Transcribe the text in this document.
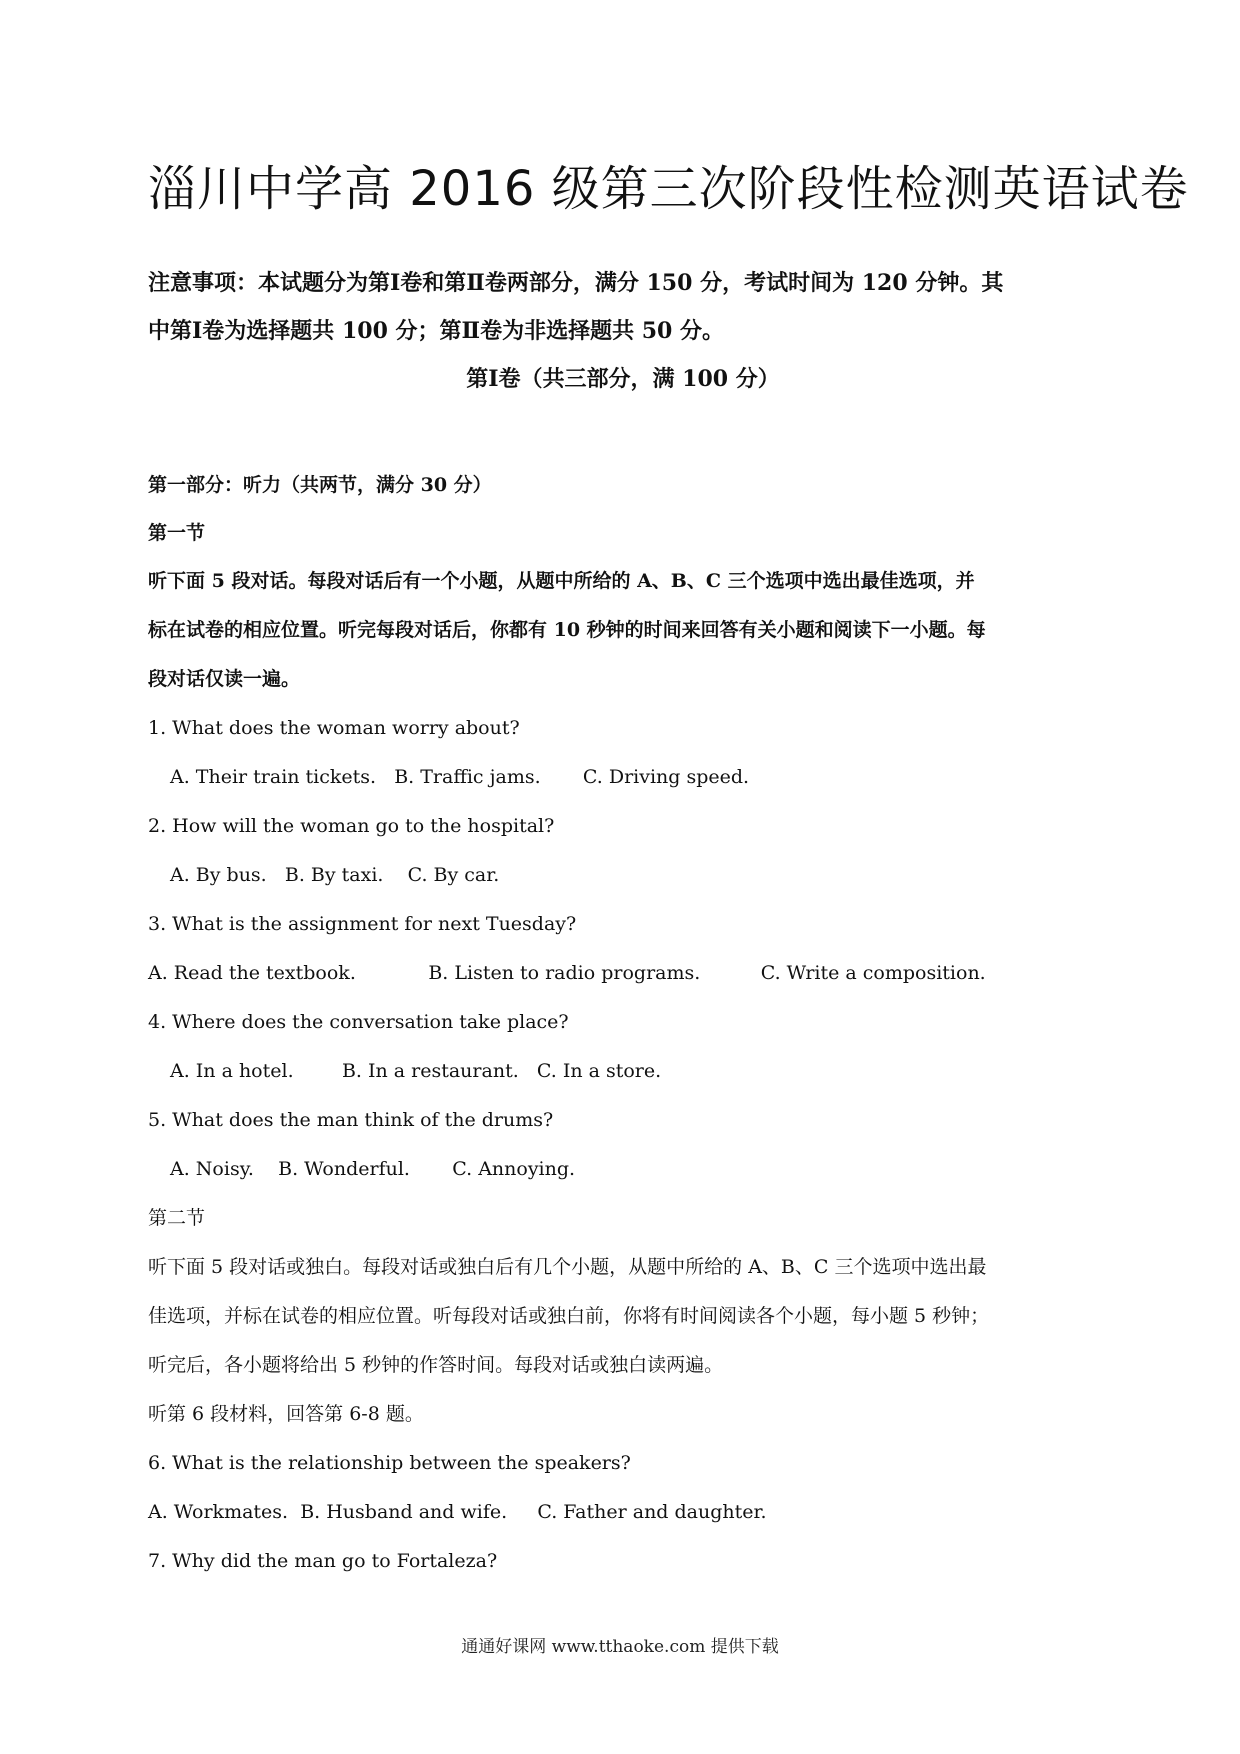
淄川中学高 2016 级第三次阶段性检测英语试卷

注意事项：本试题分为第Ⅰ卷和第Ⅱ卷两部分，满分 150 分，考试时间为 120 分钟。其

中第Ⅰ卷为选择题共 100 分；第Ⅱ卷为非选择题共 50 分。

第Ⅰ卷（共三部分，满 100 分）

第一部分：听力（共两节，满分 30 分）

第一节

听下面 5 段对话。每段对话后有一个小题，从题中所给的 A、B、C 三个选项中选出最佳选项，并

标在试卷的相应位置。听完每段对话后，你都有 10 秒钟的时间来回答有关小题和阅读下一小题。每

段对话仅读一遍。

1. What does the woman worry about?

A. Their train tickets. B. Traffic jams. C. Driving speed.

2. How will the woman go to the hospital?

A. By bus. B. By taxi. C. By car.

3. What is the assignment for next Tuesday?

A. Read the textbook.	B. Listen to radio programs.	C. Write a composition.

4. Where does the conversation take place?

A. In a hotel.	B. In a restaurant. C. In a store.

5. What does the man think of the drums?

A. Noisy. B. Wonderful. C. Annoying.

第二节

听下面 5 段对话或独白。每段对话或独白后有几个小题，从题中所给的 A、B、C 三个选项中选出最

佳选项，并标在试卷的相应位置。听每段对话或独白前，你将有时间阅读各个小题，每小题 5 秒钟；

听完后，各小题将给出 5 秒钟的作答时间。每段对话或独白读两遍。

听第 6 段材料，回答第 6-8 题。

6. What is the relationship between the speakers?

A. Workmates. B. Husband and wife. C. Father and daughter.

7. Why did the man go to Fortaleza?

通通好课网 www.tthaoke.com 提供下载
